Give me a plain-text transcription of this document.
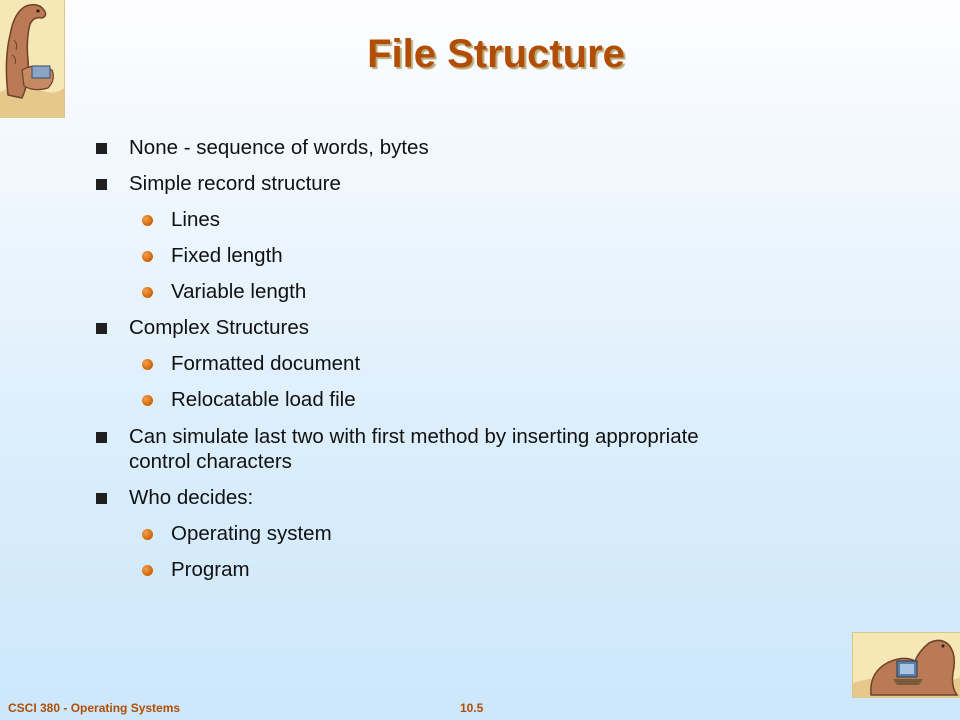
File Structure
None - sequence of words, bytes
Simple record structure
Lines
Fixed length
Variable length
Complex Structures
Formatted document
Relocatable load file
Can simulate last two with first method by inserting appropriate
control characters
Who decides:
Operating system
Program
CSCI 380 - Operating Systems	10.5
